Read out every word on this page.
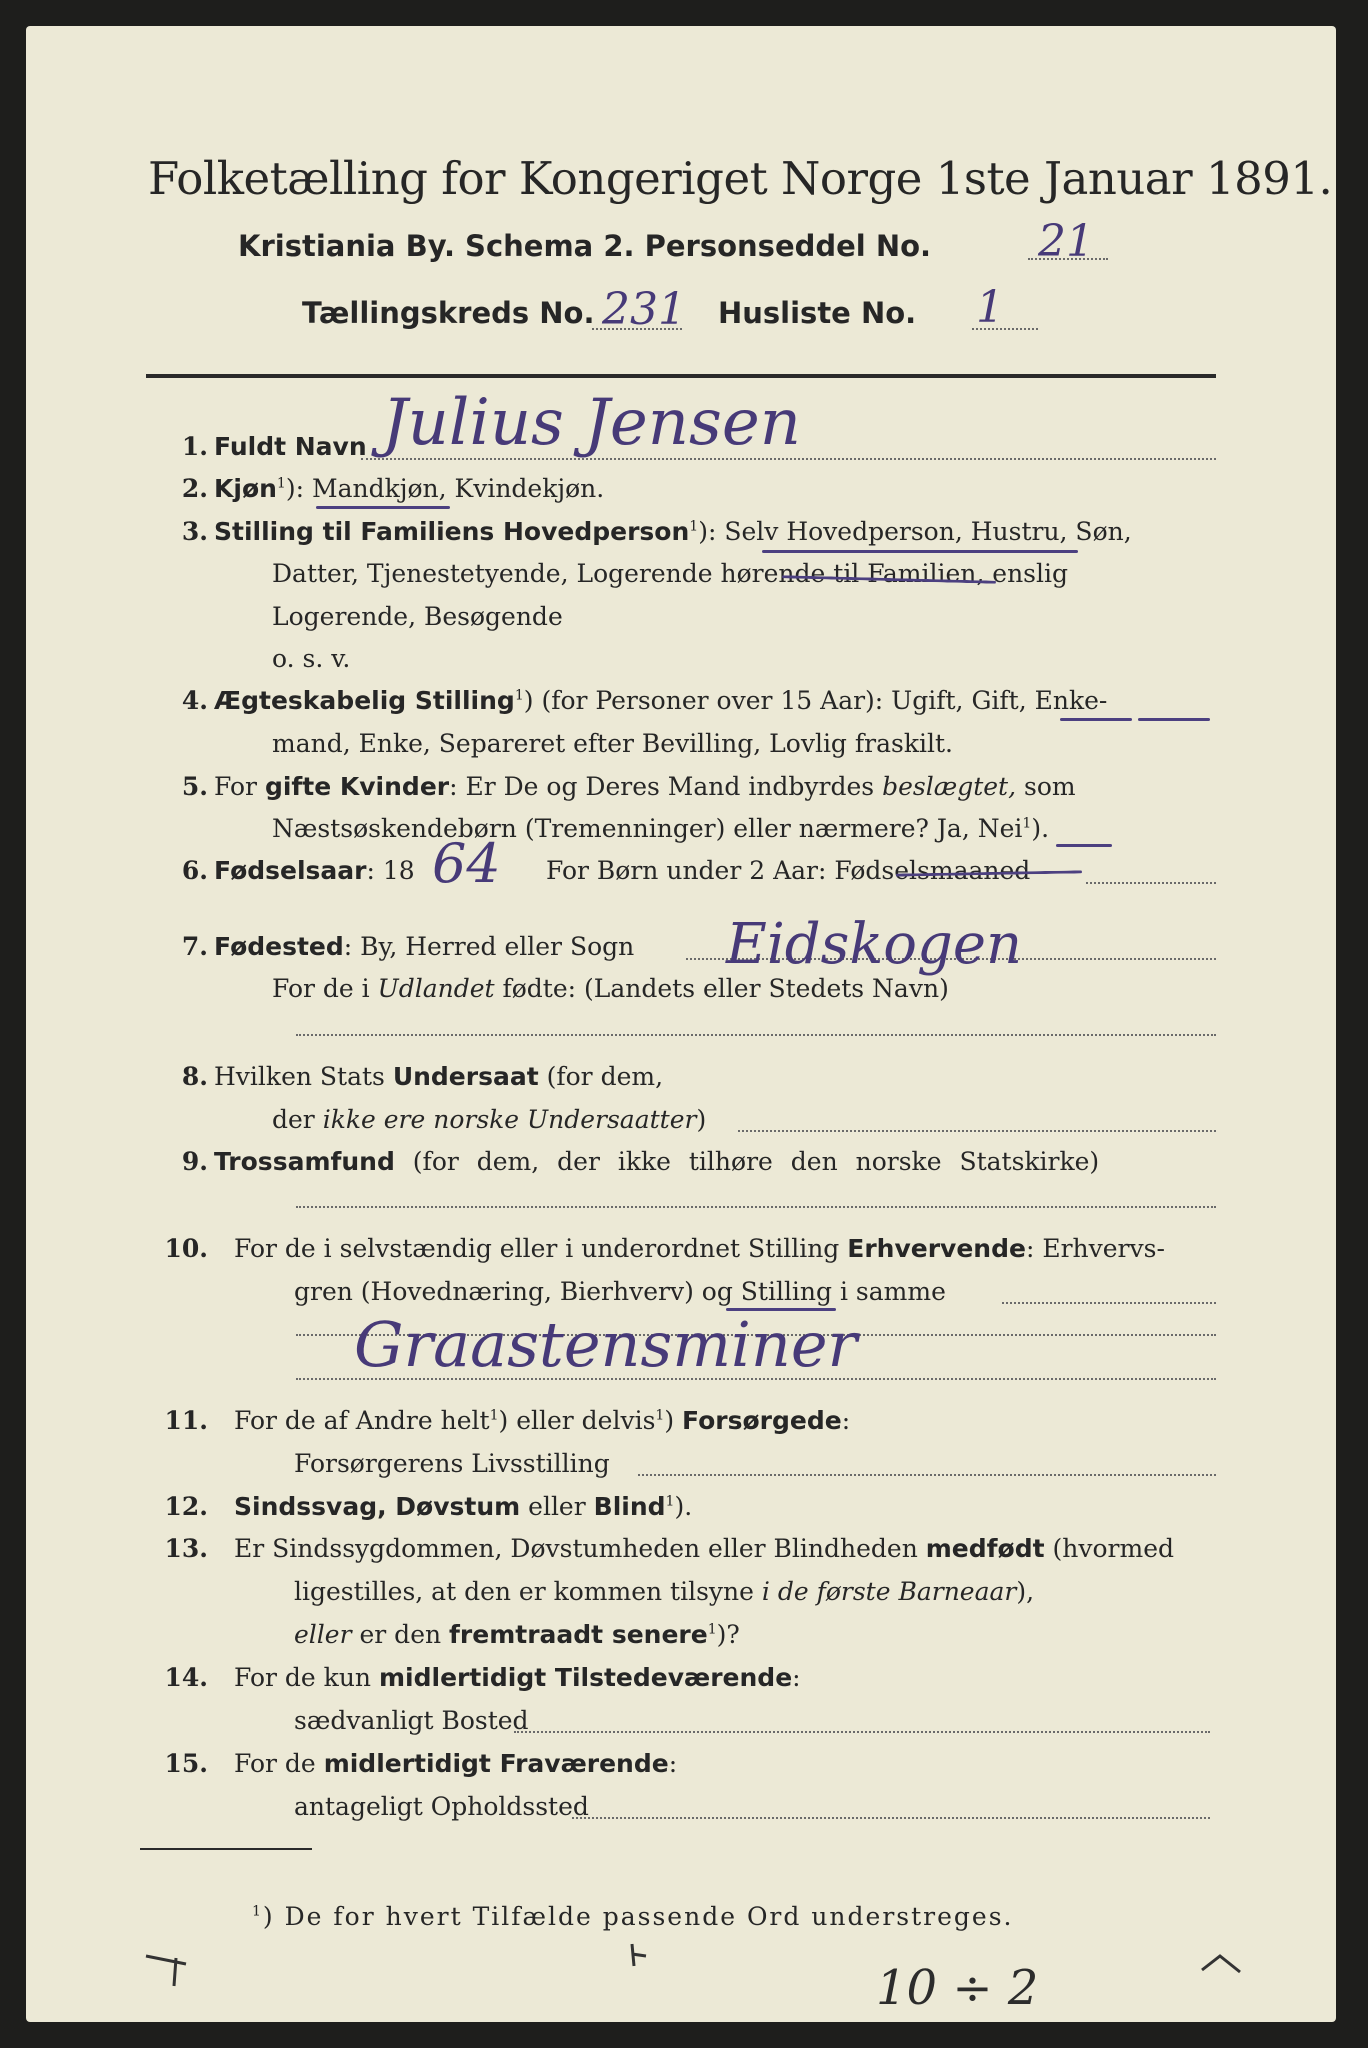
Folketælling for Kongeriget Norge 1ste Januar 1891.
Kristiania By. Schema 2. Personseddel No. 21
Tællingskreds No. 231 Husliste No. 1
1. Fuldt Navn Julius Jensen
2. Kjøn$^1$): Mandkjøn, Kvindekjøn.
3. Stilling til Familiens Hovedperson$^1$): Selv Hovedperson, Hustru, Søn,
Datter, Tjenestetyende, Logerende hørende til Familien, enslig
Logerende, Besøgende
o. s. v.
4. Ægteskabelig Stilling$^1$) (for Personer over 15 Aar): Ugift, Gift, Enke-
mand, Enke, Separeret efter Bevilling, Lovlig fraskilt.
5. For gifte Kvinder: Er De og Deres Mand indbyrdes beslægtet, som
Næstsøskendebørn (Tremenninger) eller nærmere? Ja, Nei$^1$).
6. Fødselsaar: 18 64 For Børn under 2 Aar: Fødselsmaaned
7. Fødested: By, Herred eller Sogn Eidskogen
For de i Udlandet fødte: (Landets eller Stedets Navn)
8. Hvilken Stats Undersaat (for dem,
der ikke ere norske Undersaatter)
9. Trossamfund (for dem, der ikke tilhøre den norske Statskirke)
10. For de i selvstændig eller i underordnet Stilling Erhvervende: Erhvervs-
gren (Hovednæring, Bierhverv) og Stilling i samme
Graastensminer
11. For de af Andre helt$^1$) eller delvis$^1$) Forsørgede:
Forsørgerens Livsstilling
12. Sindssvag, Døvstum eller Blind$^1$).
13. Er Sindssygdommen, Døvstumheden eller Blindheden medfødt (hvormed
ligestilles, at den er kommen tilsyne i de første Barneaar),
eller er den fremtraadt senere$^1$)?
14. For de kun midlertidigt Tilstedeværende:
sædvanligt Bosted
15. For de midlertidigt Fraværende:
antageligt Opholdssted
$^1$) De for hvert Tilfælde passende Ord understreges.
10 ÷ 2
